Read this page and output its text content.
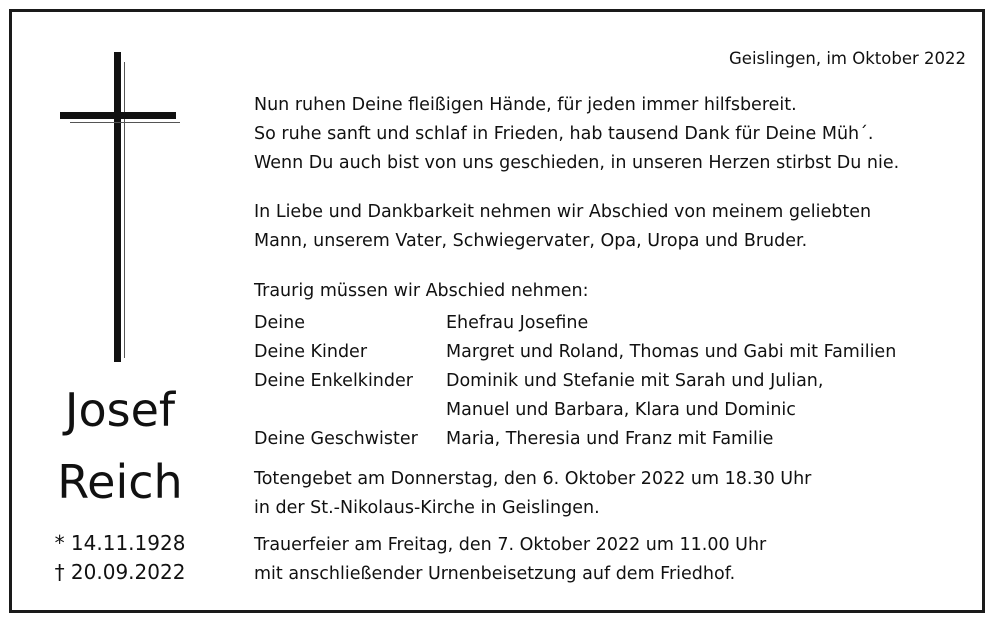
Josef
Reich
* 14.11.1928
† 20.09.2022
Geislingen, im Oktober 2022
Nun ruhen Deine fleißigen Hände, für jeden immer hilfsbereit.
So ruhe sanft und schlaf in Frieden, hab tausend Dank für Deine Müh´.
Wenn Du auch bist von uns geschieden, in unseren Herzen stirbst Du nie.
In Liebe und Dankbarkeit nehmen wir Abschied von meinem geliebten
Mann, unserem Vater, Schwiegervater, Opa, Uropa und Bruder.
Traurig müssen wir Abschied nehmen:
Deine	Ehefrau Josefine
Deine Kinder	Margret und Roland, Thomas und Gabi mit Familien
Deine Enkelkinder Dominik und Stefanie mit Sarah und Julian,
Manuel und Barbara, Klara und Dominic
Deine Geschwister Maria, Theresia und Franz mit Familie
Totengebet am Donnerstag, den 6. Oktober 2022 um 18.30 Uhr
in der St.-Nikolaus-Kirche in Geislingen.
Trauerfeier am Freitag, den 7. Oktober 2022 um 11.00 Uhr
mit anschließender Urnenbeisetzung auf dem Friedhof.
